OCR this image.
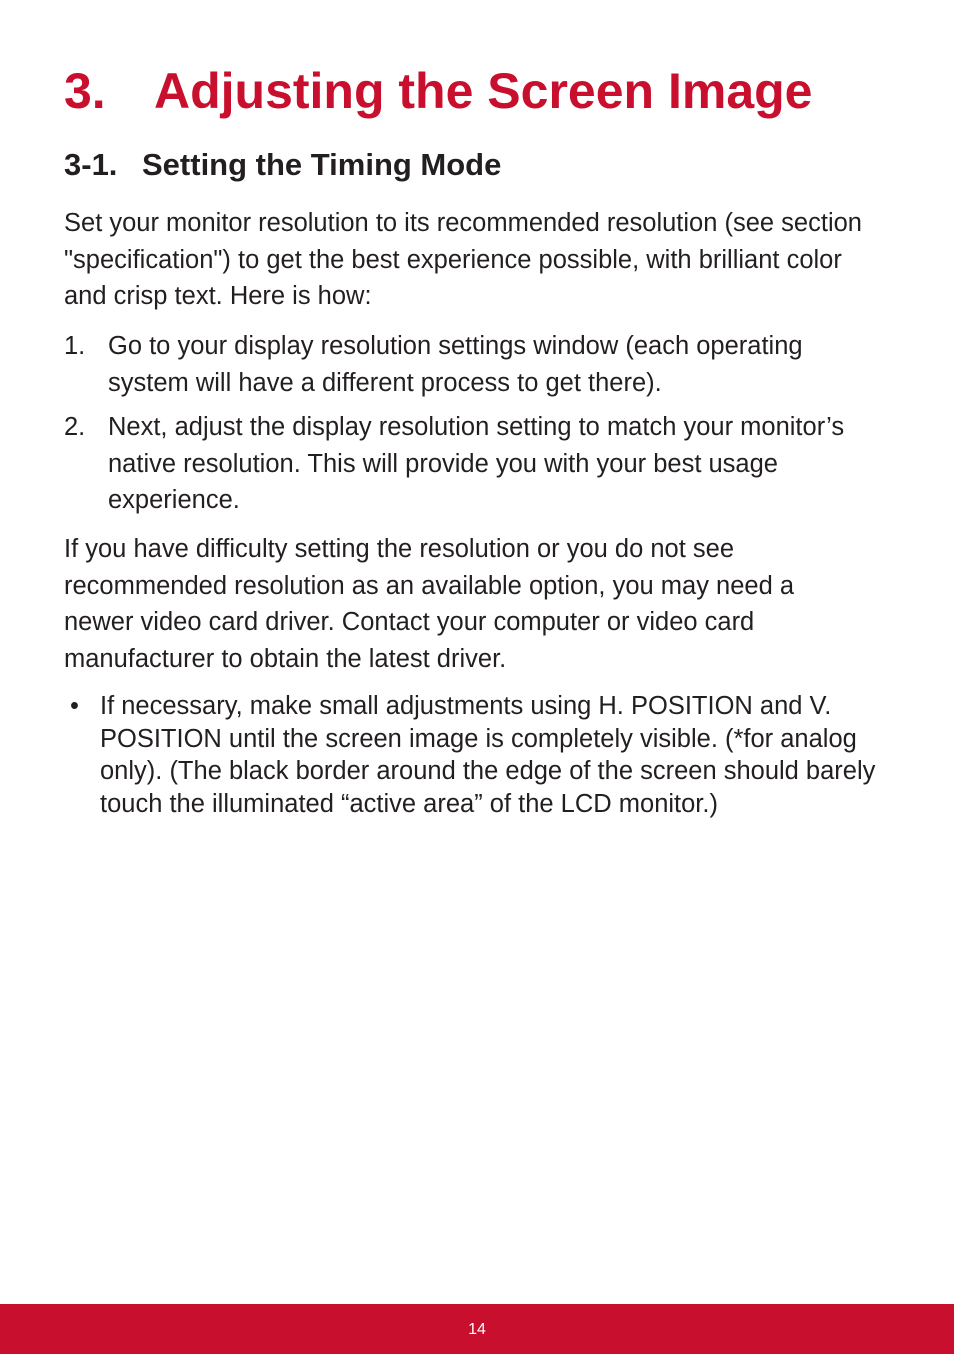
3. Adjusting the Screen Image
3-1. Setting the Timing Mode

Set your monitor resolution to its recommended resolution (see section "specification") to get the best experience possible, with brilliant color and crisp text. Here is how:

1. Go to your display resolution settings window (each operating system will have a different process to get there).
2. Next, adjust the display resolution setting to match your monitor’s native resolution. This will provide you with your best usage experience.

If you have difficulty setting the resolution or you do not see recommended resolution as an available option, you may need a newer video card driver. Contact your computer or video card manufacturer to obtain the latest driver.

• If necessary, make small adjustments using H. POSITION and V. POSITION until the screen image is completely visible. (*for analog only). (The black border around the edge of the screen should barely touch the illuminated “active area” of the LCD monitor.)
14
